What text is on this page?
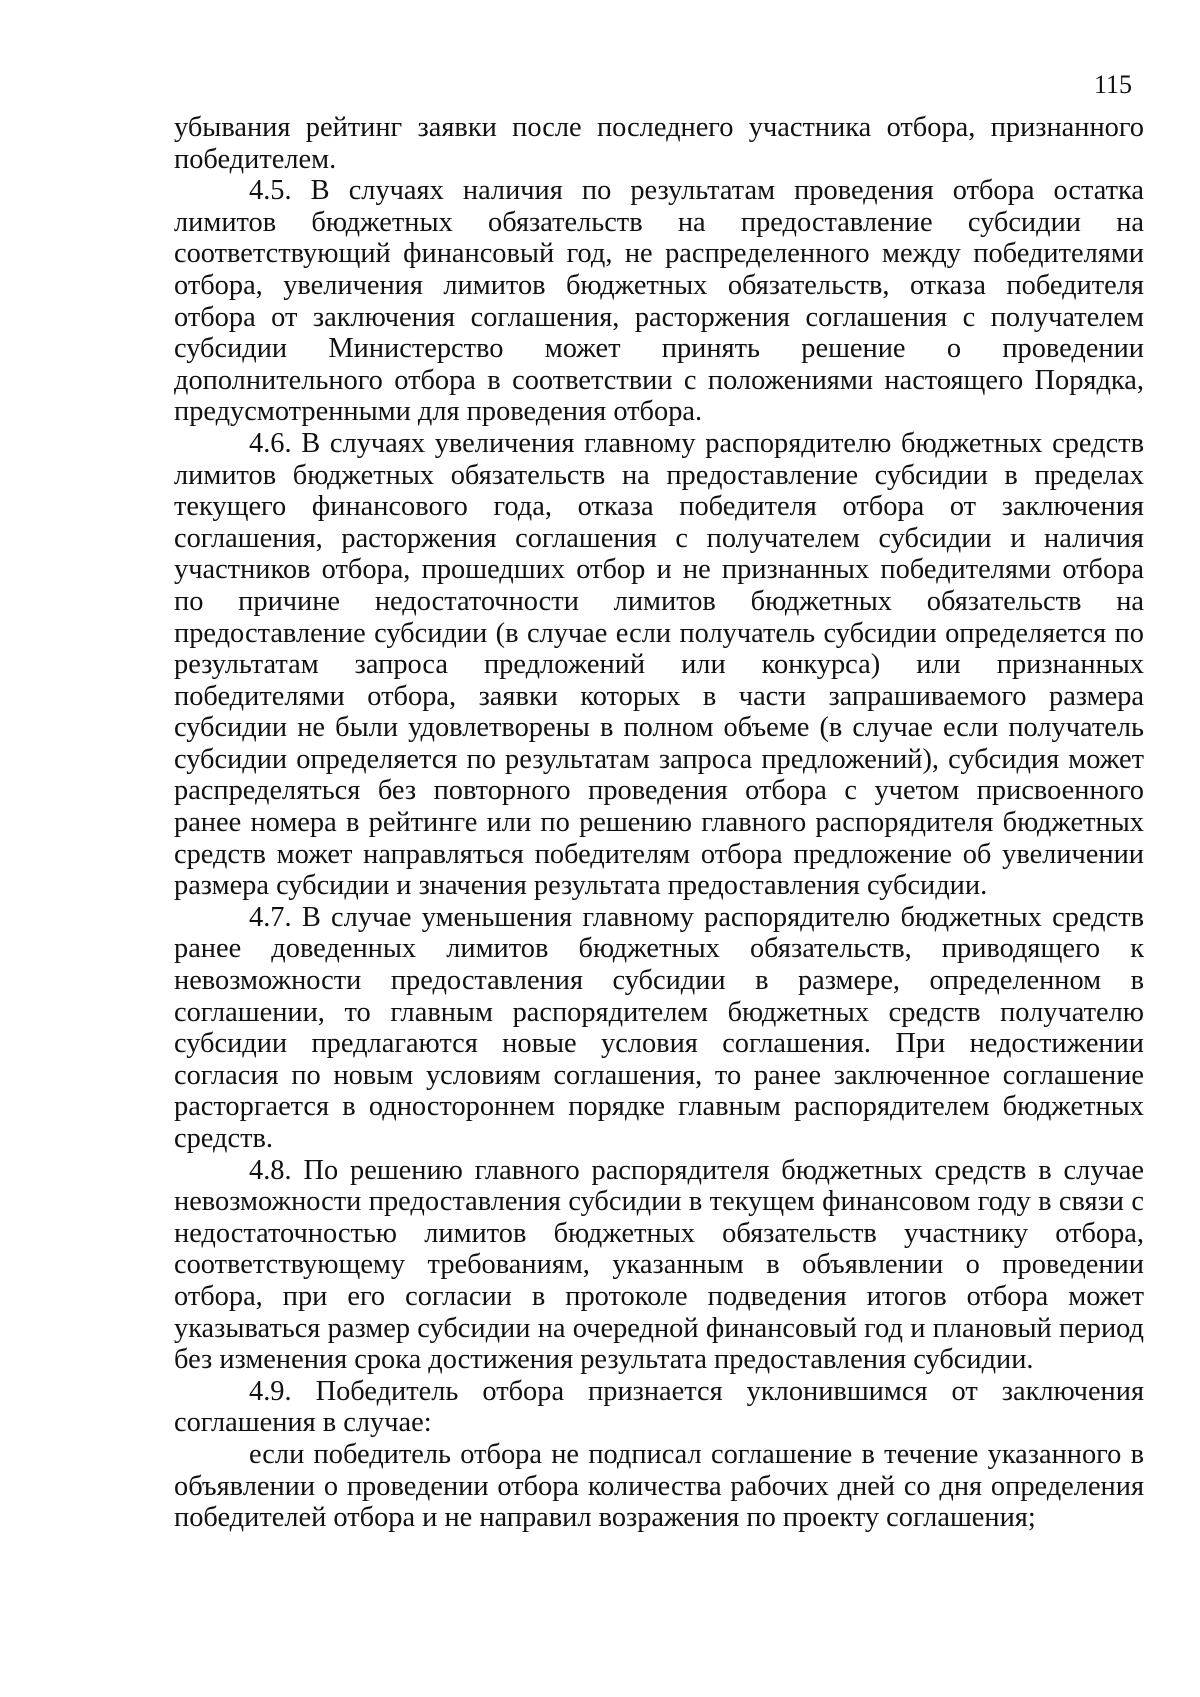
115

убывания рейтинг заявки после последнего участника отбора, признанного победителем.

4.5. В случаях наличия по результатам проведения отбора остатка лимитов бюджетных обязательств на предоставление субсидии на соответствующий финансовый год, не распределенного между победителями отбора, увеличения лимитов бюджетных обязательств, отказа победителя отбора от заключения соглашения, расторжения соглашения с получателем субсидии Министерство может принять решение о проведении дополнительного отбора в соответствии с положениями настоящего Порядка, предусмотренными для проведения отбора.

4.6. В случаях увеличения главному распорядителю бюджетных средств лимитов бюджетных обязательств на предоставление субсидии в пределах текущего финансового года, отказа победителя отбора от заключения соглашения, расторжения соглашения с получателем субсидии и наличия участников отбора, прошедших отбор и не признанных победителями отбора по причине недостаточности лимитов бюджетных обязательств на предоставление субсидии (в случае если получатель субсидии определяется по результатам запроса предложений или конкурса) или признанных победителями отбора, заявки которых в части запрашиваемого размера субсидии не были удовлетворены в полном объеме (в случае если получатель субсидии определяется по результатам запроса предложений), субсидия может распределяться без повторного проведения отбора с учетом присвоенного ранее номера в рейтинге или по решению главного распорядителя бюджетных средств может направляться победителям отбора предложение об увеличении размера субсидии и значения результата предоставления субсидии.

4.7. В случае уменьшения главному распорядителю бюджетных средств ранее доведенных лимитов бюджетных обязательств, приводящего к невозможности предоставления субсидии в размере, определенном в соглашении, то главным распорядителем бюджетных средств получателю субсидии предлагаются новые условия соглашения. При недостижении согласия по новым условиям соглашения, то ранее заключенное соглашение расторгается в одностороннем порядке главным распорядителем бюджетных средств.

4.8. По решению главного распорядителя бюджетных средств в случае невозможности предоставления субсидии в текущем финансовом году в связи с недостаточностью лимитов бюджетных обязательств участнику отбора, соответствующему требованиям, указанным в объявлении о проведении отбора, при его согласии в протоколе подведения итогов отбора может указываться размер субсидии на очередной финансовый год и плановый период без изменения срока достижения результата предоставления субсидии.

4.9. Победитель отбора признается уклонившимся от заключения соглашения в случае:

если победитель отбора не подписал соглашение в течение указанного в объявлении о проведении отбора количества рабочих дней со дня определения победителей отбора и не направил возражения по проекту соглашения;
